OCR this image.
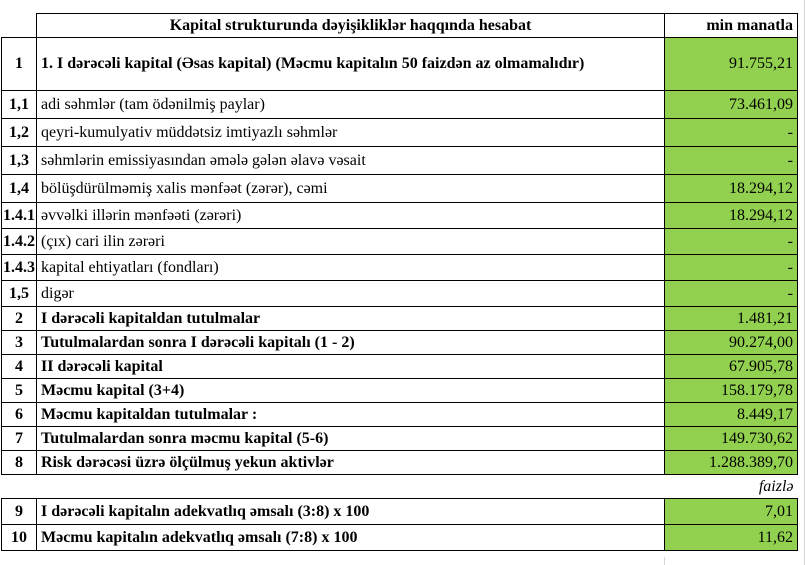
	Kapital strukturunda dəyişikliklər haqqında hesabat	min manatla
1	1. I dərəcəli kapital (Əsas kapital) (Məcmu kapitalın 50 faizdən az olmamalıdır)	91.755,21
1,1	adi səhmlər (tam ödənilmiş paylar)	73.461,09
1,2	qeyri-kumulyativ müddətsiz imtiyazlı səhmlər	-
1,3	səhmlərin emissiyasından əmələ gələn əlavə vəsait	-
1,4	bölüşdürülməmiş xalis mənfəət (zərər), cəmi	18.294,12
1.4.1	əvvəlki illərin mənfəəti (zərəri)	18.294,12
1.4.2	(çıx) cari ilin zərəri	-
1.4.3	kapital ehtiyatları (fondları)	-
1,5	digər	-
2	I dərəcəli kapitaldan tutulmalar	1.481,21
3	Tutulmalardan sonra I dərəcəli kapitalı (1 - 2)	90.274,00
4	II dərəcəli kapital	67.905,78
5	Məcmu kapital (3+4)	158.179,78
6	Məcmu kapitaldan tutulmalar :	8.449,17
7	Tutulmalardan sonra məcmu kapital (5-6)	149.730,62
8	Risk dərəcəsi üzrə ölçülmuş yekun aktivlər	1.288.389,70
		faizlə
9	I dərəcəli kapitalın adekvatlıq əmsalı (3:8) x 100	7,01
10	Məcmu kapitalın adekvatlıq əmsalı (7:8) x 100	11,62
